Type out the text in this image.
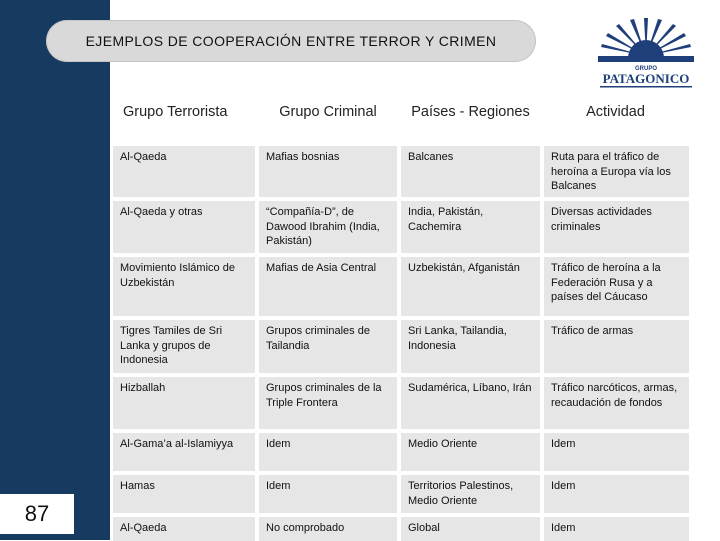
87
EJEMPLOS DE COOPERACIÓN ENTRE TERROR Y CRIMEN
GRUPO
PATAGONICO
Grupo Terrorista	Grupo Criminal	Países - Regiones	Actividad
Al-Qaeda	Mafias bosnias	Balcanes	Ruta para el tráfico de heroína a Europa vía los Balcanes
Al-Qaeda y otras	“Compañía-D”, de Dawood Ibrahim (India, Pakistán)	India, Pakistán, Cachemira	Diversas actividades criminales
Movimiento Islámico de Uzbekistán	Mafias de Asia Central	Uzbekistán, Afganistán	Tráfico de heroína a la Federación Rusa y a países del Cáucaso
Tigres Tamiles de Sri Lanka y grupos de Indonesia	Grupos criminales de Tailandia	Sri Lanka, Tailandia, Indonesia	Tráfico de armas
Hizballah	Grupos criminales de la Triple Frontera	Sudamérica, Líbano, Irán	Tráfico narcóticos, armas, recaudación de fondos
Al-Gama’a al-Islamiyya	Idem	Medio Oriente	Idem
Hamas	Idem	Territorios Palestinos, Medio Oriente	Idem
Al-Qaeda	No comprobado	Global	Idem
